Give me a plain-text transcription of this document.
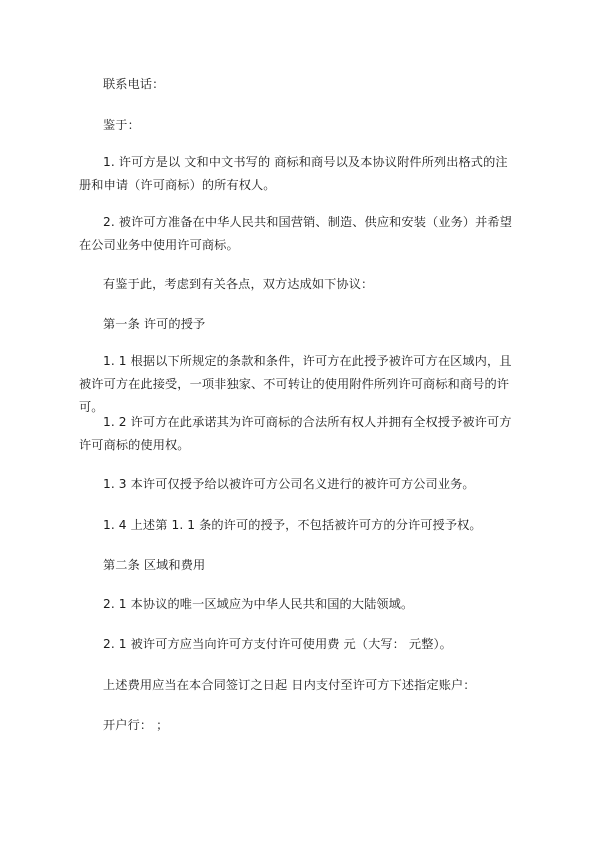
联系电话：

鉴于：

1. 许可方是以 文和中文书写的 商标和商号以及本协议附件所列出格式的注册和申请（许可商标）的所有权人。

2. 被许可方准备在中华人民共和国营销、制造、供应和安装（业务）并希望在公司业务中使用许可商标。

有鉴于此，考虑到有关各点，双方达成如下协议：

第一条 许可的授予

1. 1 根据以下所规定的条款和条件，许可方在此授予被许可方在区域内，且被许可方在此接受，一项非独家、不可转让的使用附件所列许可商标和商号的许可。

1. 2 许可方在此承诺其为许可商标的合法所有权人并拥有全权授予被许可方许可商标的使用权。

1. 3 本许可仅授予给以被许可方公司名义进行的被许可方公司业务。

1. 4 上述第 1. 1 条的许可的授予，不包括被许可方的分许可授予权。

第二条 区域和费用

2. 1 本协议的唯一区域应为中华人民共和国的大陆领域。

2. 1 被许可方应当向许可方支付许可使用费 元（大写： 元整）。

上述费用应当在本合同签订之日起 日内支付至许可方下述指定账户：

开户行： ；
